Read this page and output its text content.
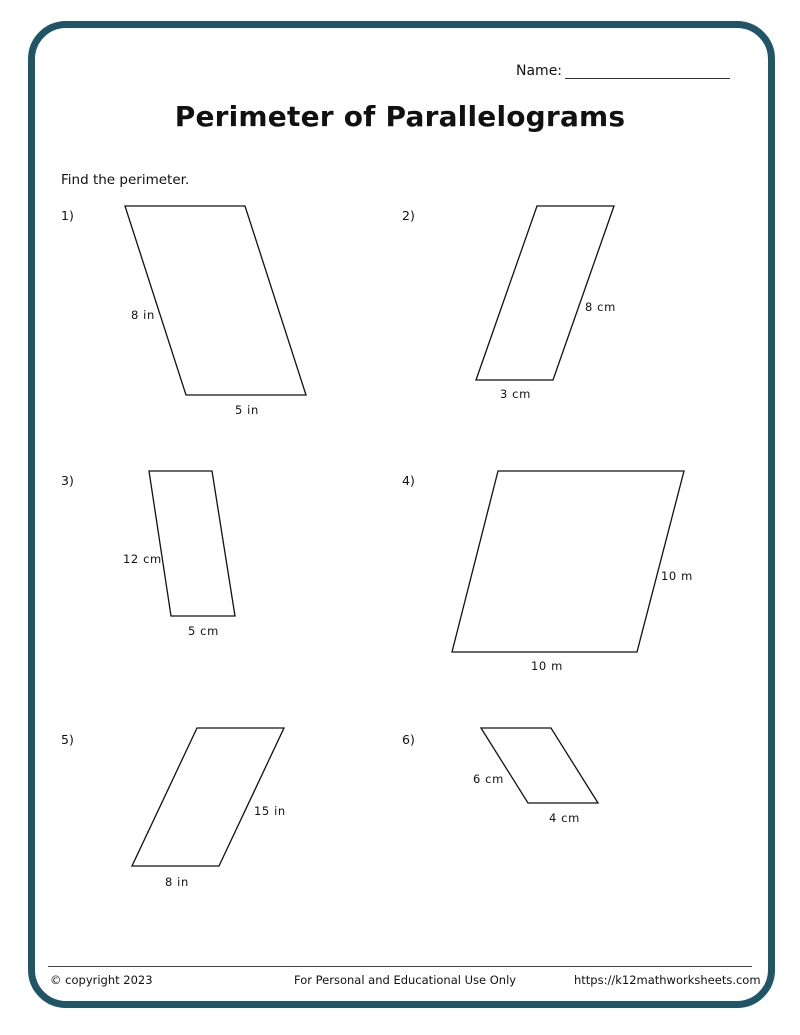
Name:
Perimeter of Parallelograms
Find the perimeter.
1)	2)
3)	4)
5)	6)
8 in
5 in
8 cm
3 cm
12 cm
5 cm
10 m
10 m
15 in
8 in
6 cm
4 cm
© copyright 2023	For Personal and Educational Use Only	https://k12mathworksheets.com
